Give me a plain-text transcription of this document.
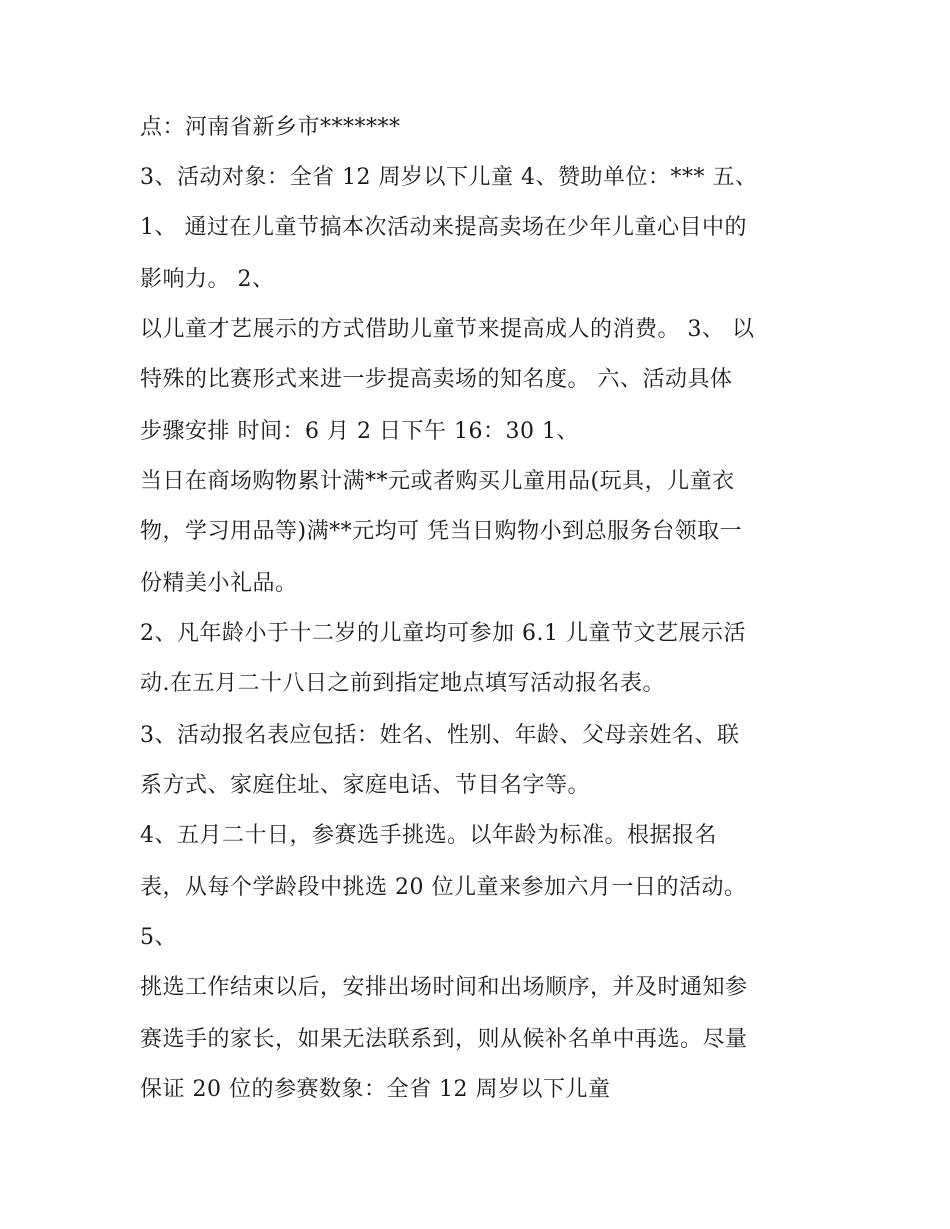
点：河南省新乡市*******
3、活动对象：全省 12 周岁以下儿童 4、赞助单位：*** 五、
1、 通过在儿童节搞本次活动来提高卖场在少年儿童心目中的
影响力。 2、
以儿童才艺展示的方式借助儿童节来提高成人的消费。 3、 以
特殊的比赛形式来进一步提高卖场的知名度。 六、活动具体
步骤安排 时间：6 月 2 日下午 16：30 1、
当日在商场购物累计满**元或者购买儿童用品(玩具，儿童衣
物，学习用品等)满**元均可 凭当日购物小到总服务台领取一
份精美小礼品。
2、凡年龄小于十二岁的儿童均可参加 6.1 儿童节文艺展示活
动.在五月二十八日之前到指定地点填写活动报名表。
3、活动报名表应包括：姓名、性别、年龄、父母亲姓名、联
系方式、家庭住址、家庭电话、节目名字等。
4、五月二十日，参赛选手挑选。以年龄为标准。根据报名
表，从每个学龄段中挑选 20 位儿童来参加六月一日的活动。
5、
挑选工作结束以后，安排出场时间和出场顺序，并及时通知参
赛选手的家长，如果无法联系到，则从候补名单中再选。尽量
保证 20 位的参赛数象：全省 12 周岁以下儿童
